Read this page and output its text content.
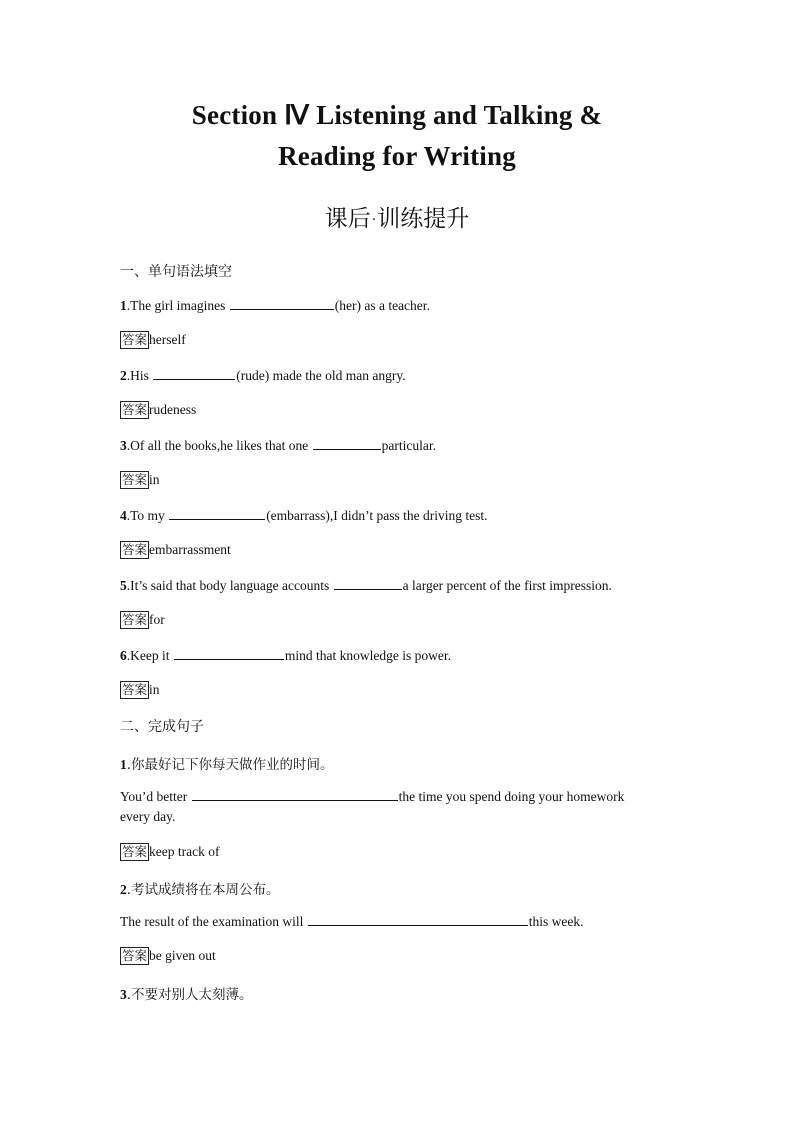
Section Ⅳ Listening and Talking &
Reading for Writing
课后·训练提升
一、单句语法填空
1.The girl imagines	(her) as a teacher.
答案 herself
2.His	(rude) made the old man angry.
答案 rudeness
3.Of all the books,he likes that one	particular.
答案 in
4.To my	(embarrass),I didn’t pass the driving test.
答案 embarrassment
5.It’s said that body language accounts	a larger percent of the first impression.
答案 for
6.Keep it	mind that knowledge is power.
答案 in
二、完成句子
1.你最好记下你每天做作业的时间。
You’d better	the time you spend doing your homework
every day.
答案 keep track of
2.考试成绩将在本周公布。
The result of the examination will	this week.
答案 be given out
3.不要对别人太刻薄。
